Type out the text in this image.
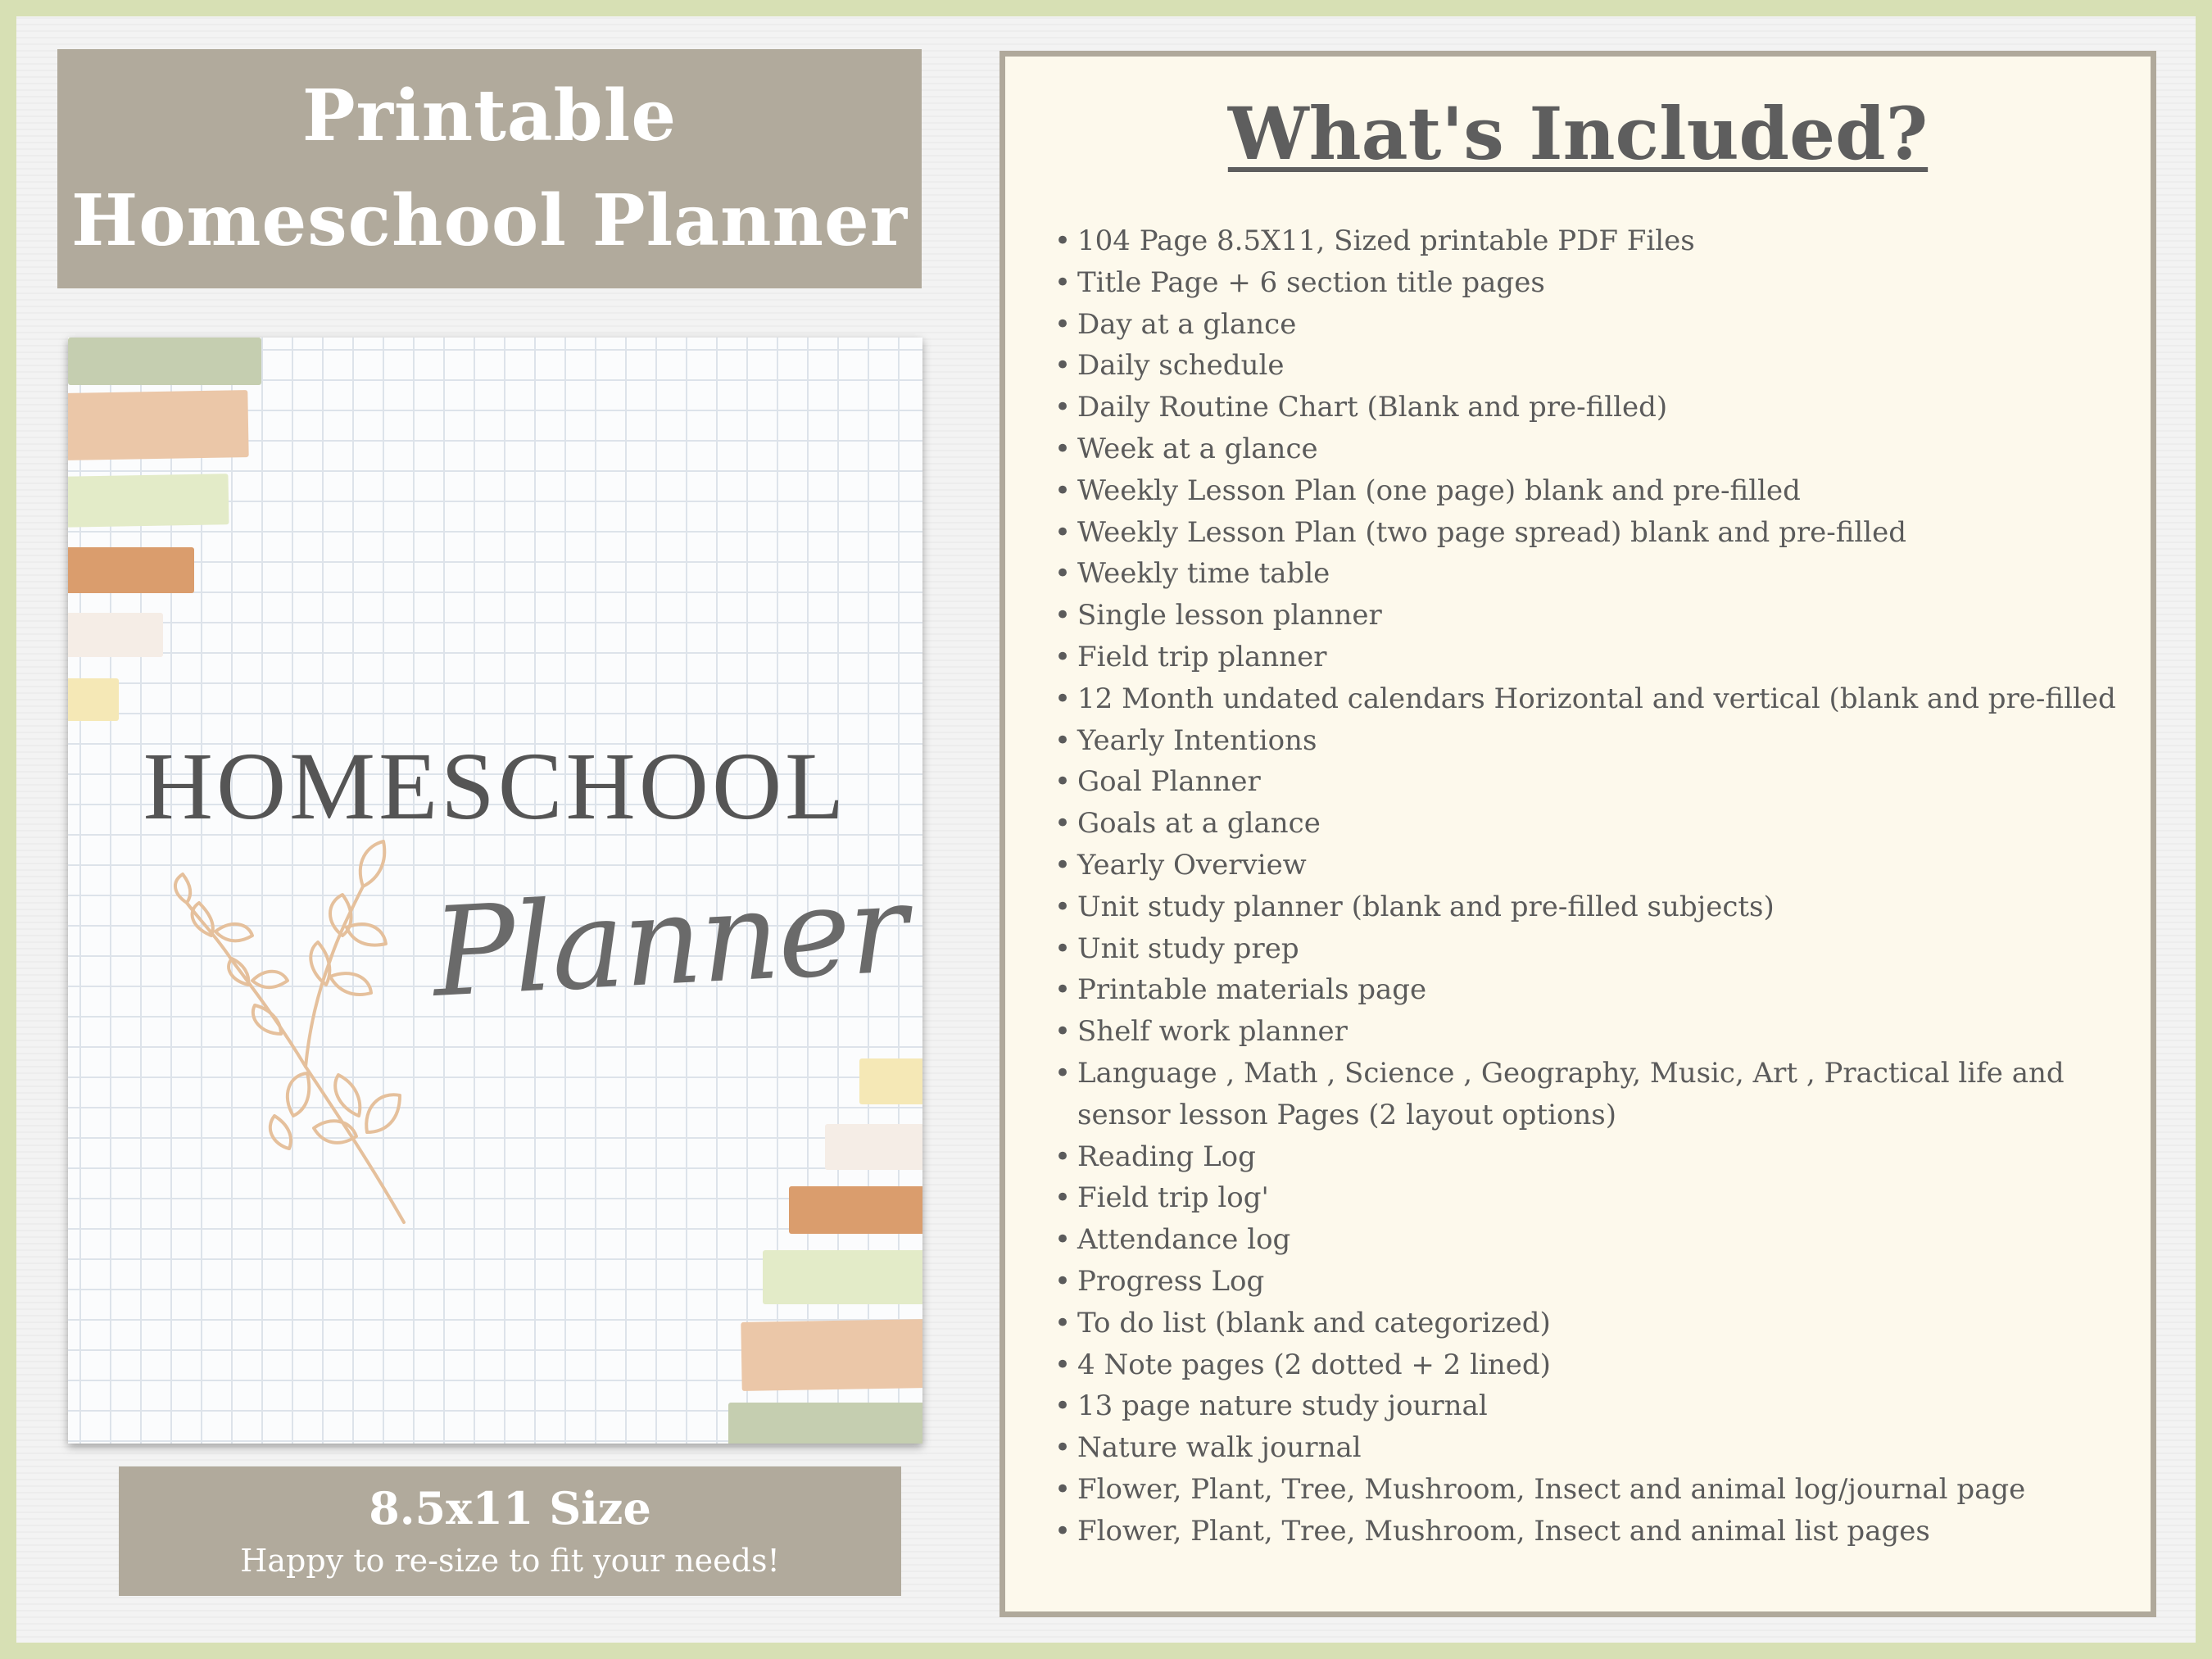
Printable
Homeschool Planner
HOMESCHOOL
Planner
8.5x11 Size
Happy to re-size to fit your needs!
What's Included?
• 104 Page 8.5X11, Sized printable PDF Files
• Title Page + 6 section title pages
• Day at a glance
• Daily schedule
• Daily Routine Chart (Blank and pre-filled)
• Week at a glance
• Weekly Lesson Plan (one page) blank and pre-filled
• Weekly Lesson Plan (two page spread) blank and pre-filled
• Weekly time table
• Single lesson planner
• Field trip planner
• 12 Month undated calendars Horizontal and vertical (blank and pre-filled
• Yearly Intentions
• Goal Planner
• Goals at a glance
• Yearly Overview
• Unit study planner (blank and pre-filled subjects)
• Unit study prep
• Printable materials page
• Shelf work planner
• Language , Math , Science , Geography, Music, Art , Practical life and sensor lesson Pages (2 layout options)
• Reading Log
• Field trip log'
• Attendance log
• Progress Log
• To do list (blank and categorized)
• 4 Note pages (2 dotted + 2 lined)
• 13 page nature study journal
• Nature walk journal
• Flower, Plant, Tree, Mushroom, Insect and animal log/journal page
• Flower, Plant, Tree, Mushroom, Insect and animal list pages
